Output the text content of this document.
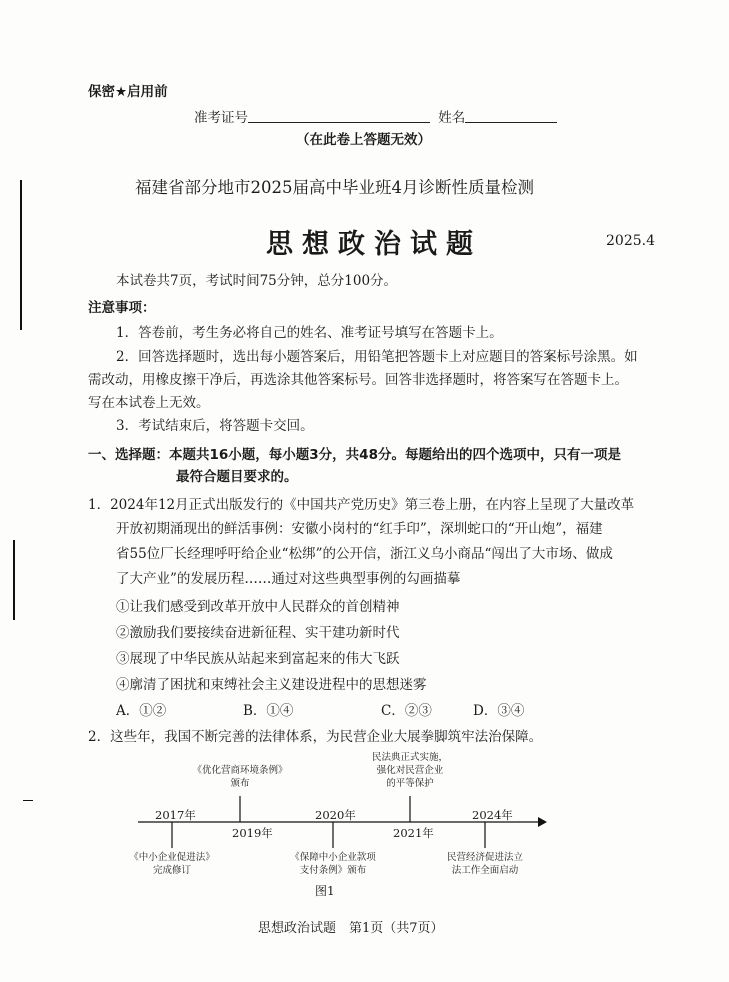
保密★启用前
准考证号	姓名
（在此卷上答题无效）
福建省部分地市2025届高中毕业班4月诊断性质量检测
思想政治试题	2025.4
本试卷共7页，考试时间75分钟，总分100分。
注意事项：
1．答卷前，考生务必将自己的姓名、准考证号填写在答题卡上。
2．回答选择题时，选出每小题答案后，用铅笔把答题卡上对应题目的答案标号涂黑。如
需改动，用橡皮擦干净后，再选涂其他答案标号。回答非选择题时，将答案写在答题卡上。
写在本试卷上无效。
3．考试结束后，将答题卡交回。
一、选择题：本题共16小题，每小题3分，共48分。每题给出的四个选项中，只有一项是
最符合题目要求的。
1．2024年12月正式出版发行的《中国共产党历史》第三卷上册，在内容上呈现了大量改革
开放初期涌现出的鲜活事例：安徽小岗村的“红手印”，深圳蛇口的“开山炮”，福建
省55位厂长经理呼吁给企业“松绑”的公开信，浙江义乌小商品“闯出了大市场、做成
了大产业”的发展历程……通过对这些典型事例的勾画描摹
①让我们感受到改革开放中人民群众的首创精神
②激励我们要接续奋进新征程、实干建功新时代
③展现了中华民族从站起来到富起来的伟大飞跃
④廓清了困扰和束缚社会主义建设进程中的思想迷雾
A．①②	B．①④	C．②③	D．③④
2．这些年，我国不断完善的法律体系，为民营企业大展拳脚筑牢法治保障。
2017年
2019年
2020年
2021年
2024年
《优化营商环境条例》
颁布
民法典正式实施，
强化对民营企业
的平等保护
《中小企业促进法》
完成修订
《保障中小企业款项
支付条例》颁布
民营经济促进法立
法工作全面启动
图1
思想政治试题　第1页（共7页）
